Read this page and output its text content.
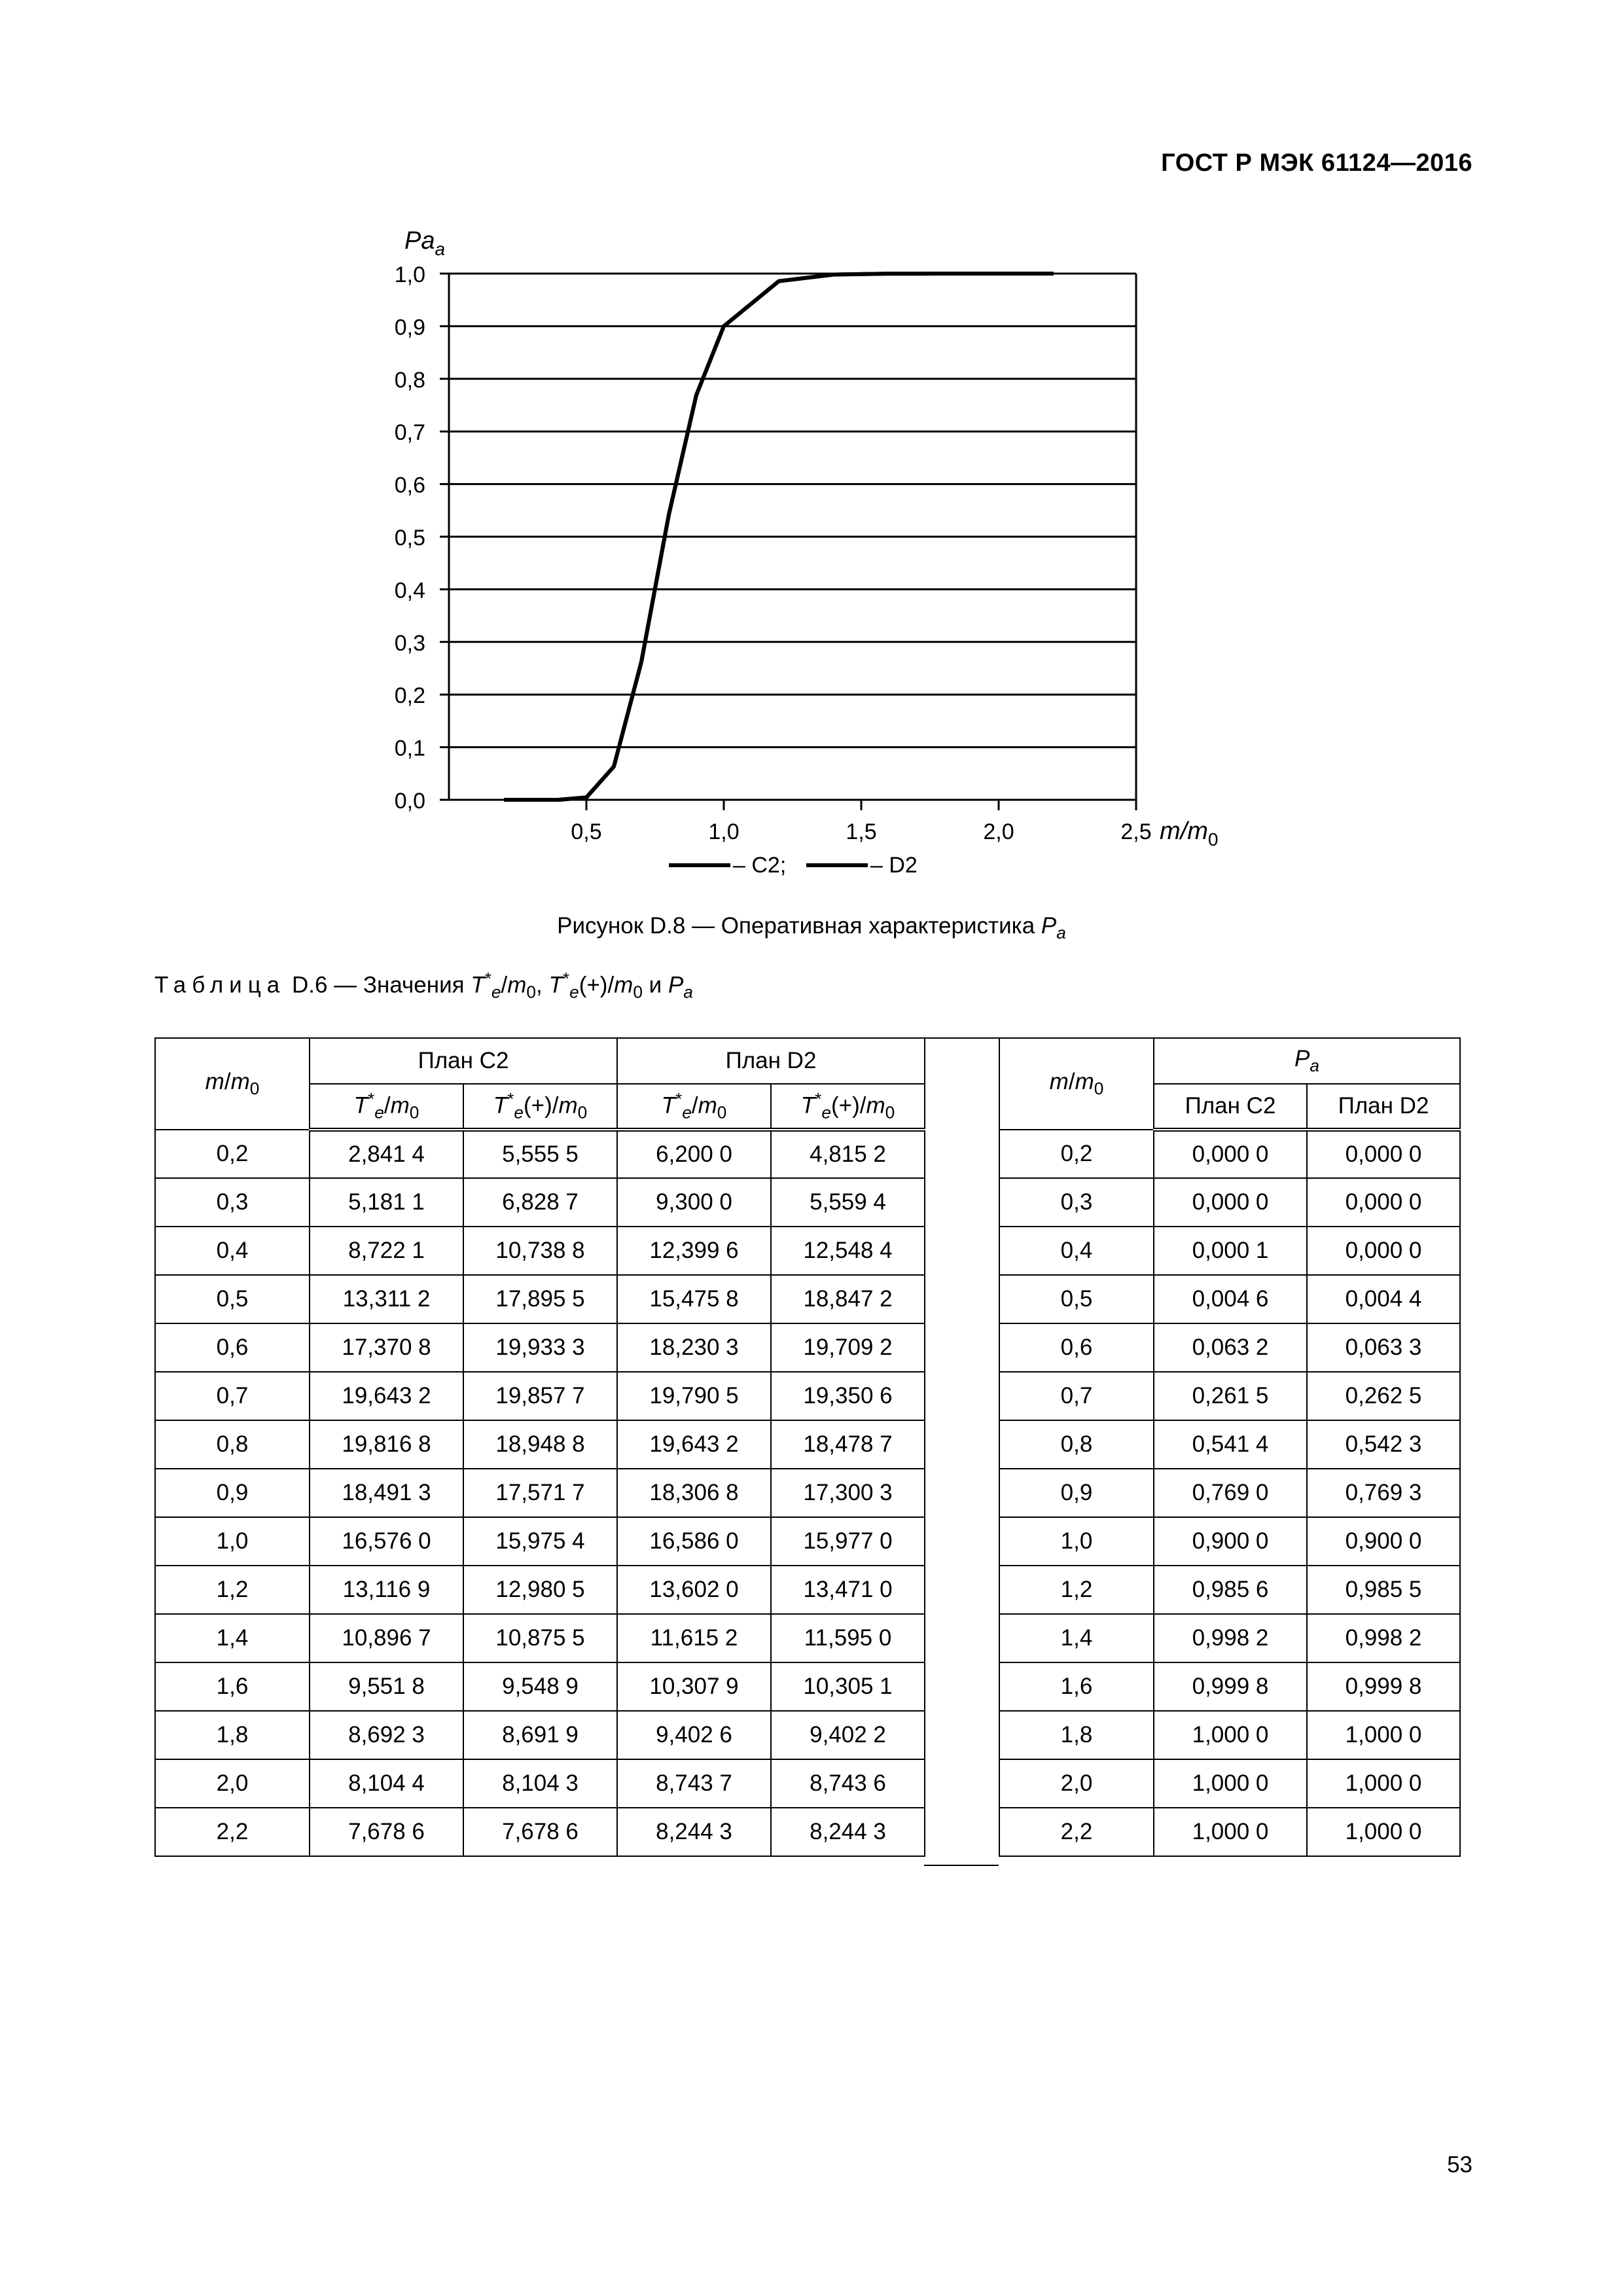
ГОСТ Р МЭК 61124—2016
0,0
0,1
0,2
0,3
0,4
0,5
0,6
0,7
0,8
0,9
1,0
0,5	1,0	1,5	2,0	2,5
$Pa_a$
$m/m_0$
– C2;	– D2
Рисунок D.8 — Оперативная характеристика $P_a$
Таблица D.6 — Значения $T^*_e/m_0$, $T^*_e(+)/m_0$ и $P_a$
$m/m_0$	План C2		План D2	
	$T^*_e/m_0$	$T^*_e(+)/m_0$	$T^*_e/m_0$	$T^*_e(+)/m_0$
0,2	2,841 4	5,555 5	6,200 0	4,815 2
0,3	5,181 1	6,828 7	9,300 0	5,559 4
0,4	8,722 1	10,738 8	12,399 6	12,548 4
0,5	13,311 2	17,895 5	15,475 8	18,847 2
0,6	17,370 8	19,933 3	18,230 3	19,709 2
0,7	19,643 2	19,857 7	19,790 5	19,350 6
0,8	19,816 8	18,948 8	19,643 2	18,478 7
0,9	18,491 3	17,571 7	18,306 8	17,300 3
1,0	16,576 0	15,975 4	16,586 0	15,977 0
1,2	13,116 9	12,980 5	13,602 0	13,471 0
1,4	10,896 7	10,875 5	11,615 2	11,595 0
1,6	9,551 8	9,548 9	10,307 9	10,305 1
1,8	8,692 3	8,691 9	9,402 6	9,402 2
2,0	8,104 4	8,104 3	8,743 7	8,743 6
2,2	7,678 6	7,678 6	8,244 3	8,244 3
$m/m_0$	$P_a$
	План C2	План D2
0,2	0,000 0	0,000 0
0,3	0,000 0	0,000 0
0,4	0,000 1	0,000 0
0,5	0,004 6	0,004 4
0,6	0,063 2	0,063 3
0,7	0,261 5	0,262 5
0,8	0,541 4	0,542 3
0,9	0,769 0	0,769 3
1,0	0,900 0	0,900 0
1,2	0,985 6	0,985 5
1,4	0,998 2	0,998 2
1,6	0,999 8	0,999 8
1,8	1,000 0	1,000 0
2,0	1,000 0	1,000 0
2,2	1,000 0	1,000 0
53
